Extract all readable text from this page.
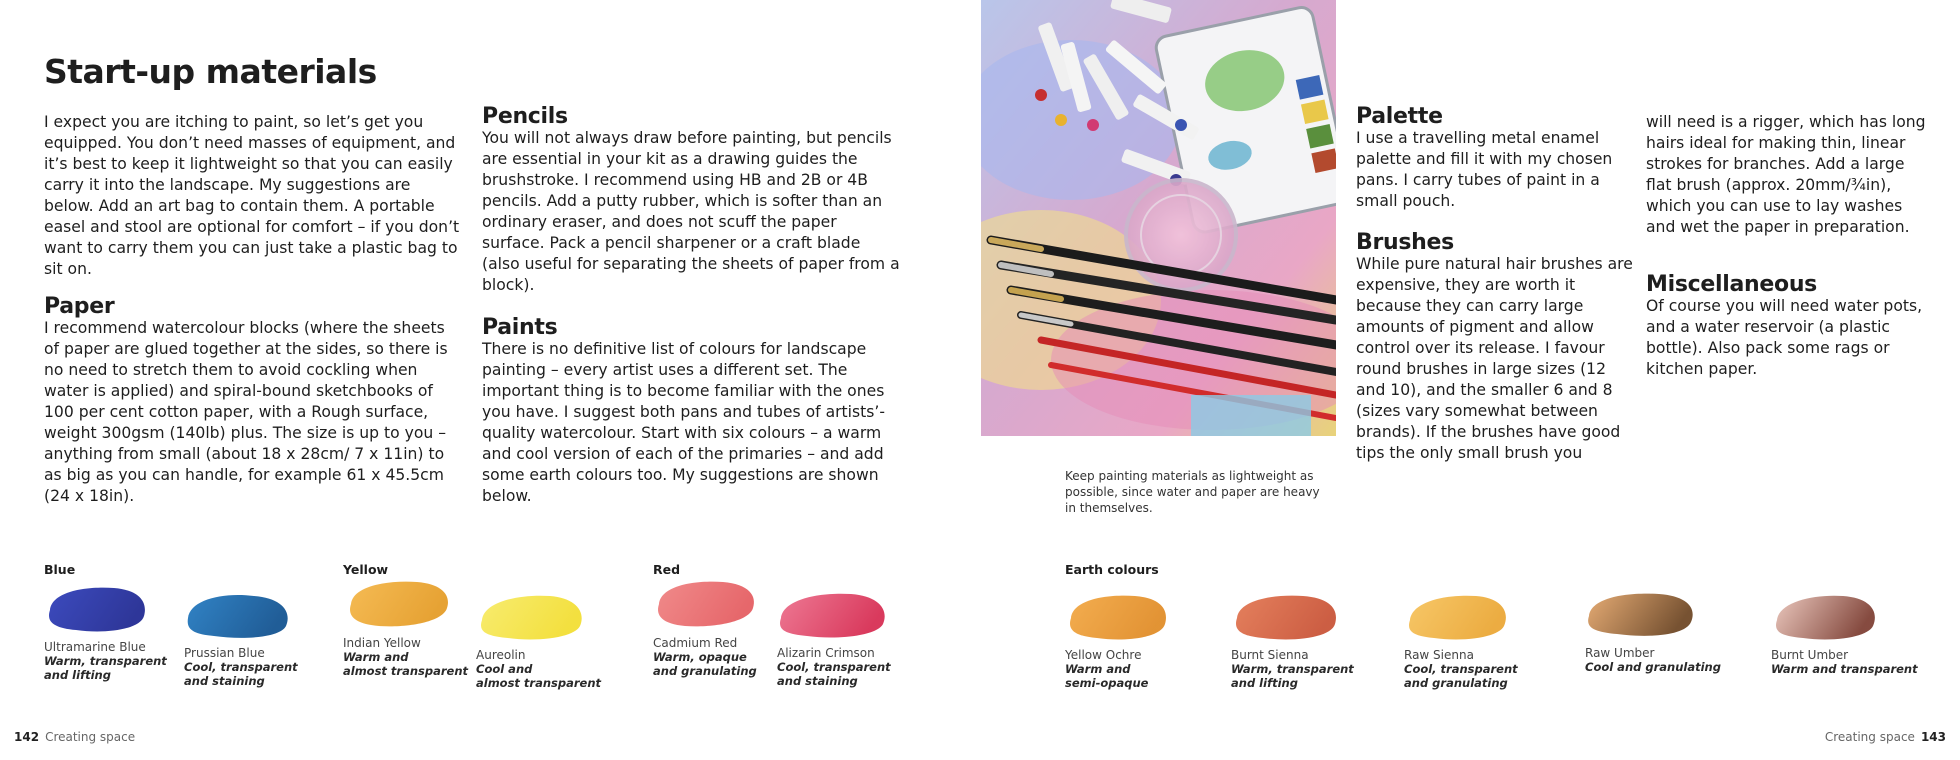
Start-up materials

I expect you are itching to paint, so let’s get you equipped. You don’t need masses of equipment, and it’s best to keep it lightweight so that you can easily carry it into the landscape. My suggestions are below. Add an art bag to contain them. A portable easel and stool are optional for comfort – if you don’t want to carry them you can just take a plastic bag to sit on.

Paper

I recommend watercolour blocks (where the sheets of paper are glued together at the sides, so there is no need to stretch them to avoid cockling when water is applied) and spiral-bound sketchbooks of 100 per cent cotton paper, with a Rough surface, weight 300gsm (140lb) plus. The size is up to you – anything from small (about 18 x 28cm/ 7 x 11in) to as big as you can handle, for example 61 x 45.5cm (24 x 18in).

Pencils

You will not always draw before painting, but pencils are essential in your kit as a drawing guides the brushstroke. I recommend using HB and 2B or 4B pencils. Add a putty rubber, which is softer than an ordinary eraser, and does not scuff the paper surface. Pack a pencil sharpener or a craft blade (also useful for separating the sheets of paper from a block).

Paints

There is no definitive list of colours for landscape painting – every artist uses a different set. The important thing is to become familiar with the ones you have. I suggest both pans and tubes of artists’-quality watercolour. Start with six colours – a warm and cool version of each of the primaries – and add some earth colours too. My suggestions are shown below.

Keep painting materials as lightweight as possible, since water and paper are heavy in themselves.
Palette

I use a travelling metal enamel palette and fill it with my chosen pans. I carry tubes of paint in a small pouch.

Brushes

While pure natural hair brushes are expensive, they are worth it because they can carry large amounts of pigment and allow control over its release. I favour round brushes in large sizes (12 and 10), and the smaller 6 and 8 (sizes vary somewhat between brands). If the brushes have good tips the only small brush you

will need is a rigger, which has long hairs ideal for making thin, linear strokes for branches. Add a large flat brush (approx. 20mm/¾in), which you can use to lay washes and wet the paper in preparation.

Miscellaneous

Of course you will need water pots, and a water reservoir (a plastic bottle). Also pack some rags or kitchen paper.

Blue	Yellow	Red	Earth colours
Ultramarine Blue
Warm, transparent
and lifting
Prussian Blue
Cool, transparent
and staining
Indian Yellow
Warm and
almost transparent
Aureolin
Cool and
almost transparent
Cadmium Red
Warm, opaque
and granulating
Alizarin Crimson
Cool, transparent
and staining
Yellow Ochre
Warm and
semi-opaque
Burnt Sienna
Warm, transparent
and lifting
Raw Sienna
Cool, transparent
and granulating
Raw Umber
Cool and granulating
Burnt Umber
Warm and transparent
142 Creating space	Creating space 143
